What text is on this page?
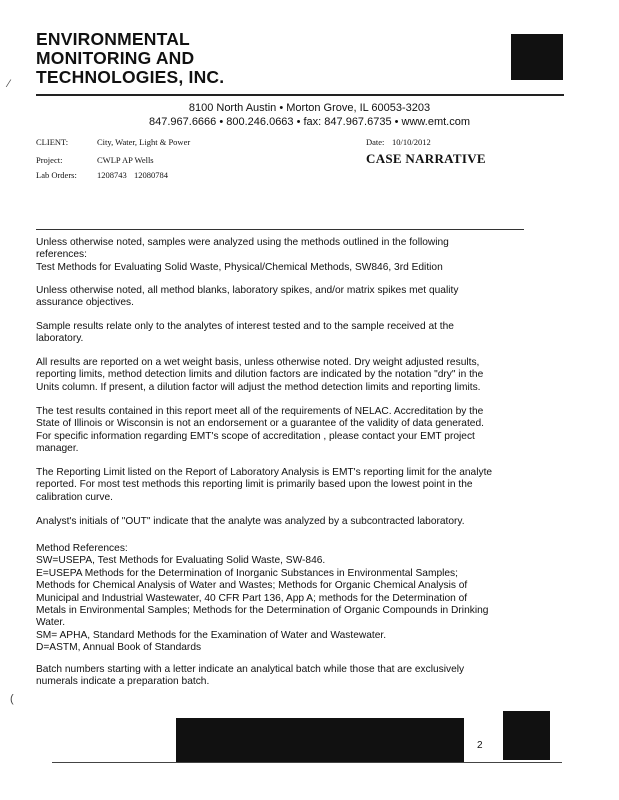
ENVIRONMENTAL
MONITORING AND
TECHNOLOGIES, INC.
⁄
8100 North Austin • Morton Grove, IL 60053-3203
847.967.6666 • 800.246.0663 • fax: 847.967.6735 • www.emt.com
CLIENT:	City, Water, Light & Power	Date: 10/10/2012
Project:	CWLP AP Wells	CASE NARRATIVE
Lab Orders: 1208743 12080784

Unless otherwise noted, samples were analyzed using the methods outlined in the following

references:

Test Methods for Evaluating Solid Waste, Physical/Chemical Methods, SW846, 3rd Edition

Unless otherwise noted, all method blanks, laboratory spikes, and/or matrix spikes met quality

assurance objectives.

Sample results relate only to the analytes of interest tested and to the sample received at the

laboratory.

All results are reported on a wet weight basis, unless otherwise noted. Dry weight adjusted results,

reporting limits, method detection limits and dilution factors are indicated by the notation "dry" in the

Units column. If present, a dilution factor will adjust the method detection limits and reporting limits.

The test results contained in this report meet all of the requirements of NELAC. Accreditation by the

State of Illinois or Wisconsin is not an endorsement or a guarantee of the validity of data generated.

For specific information regarding EMT's scope of accreditation , please contact your EMT project

manager.

The Reporting Limit listed on the Report of Laboratory Analysis is EMT's reporting limit for the analyte

reported. For most test methods this reporting limit is primarily based upon the lowest point in the

calibration curve.

Analyst's initials of "OUT" indicate that the analyte was analyzed by a subcontracted laboratory.

Method References:

SW=USEPA, Test Methods for Evaluating Solid Waste, SW-846.

E=USEPA Methods for the Determination of Inorganic Substances in Environmental Samples;

Methods for Chemical Analysis of Water and Wastes; Methods for Organic Chemical Analysis of

Municipal and Industrial Wastewater, 40 CFR Part 136, App A; methods for the Determination of

Metals in Environmental Samples; Methods for the Determination of Organic Compounds in Drinking

Water.

SM= APHA, Standard Methods for the Examination of Water and Wastewater.

D=ASTM, Annual Book of Standards

Batch numbers starting with a letter indicate an analytical batch while those that are exclusively

numerals indicate a preparation batch.

(
2
